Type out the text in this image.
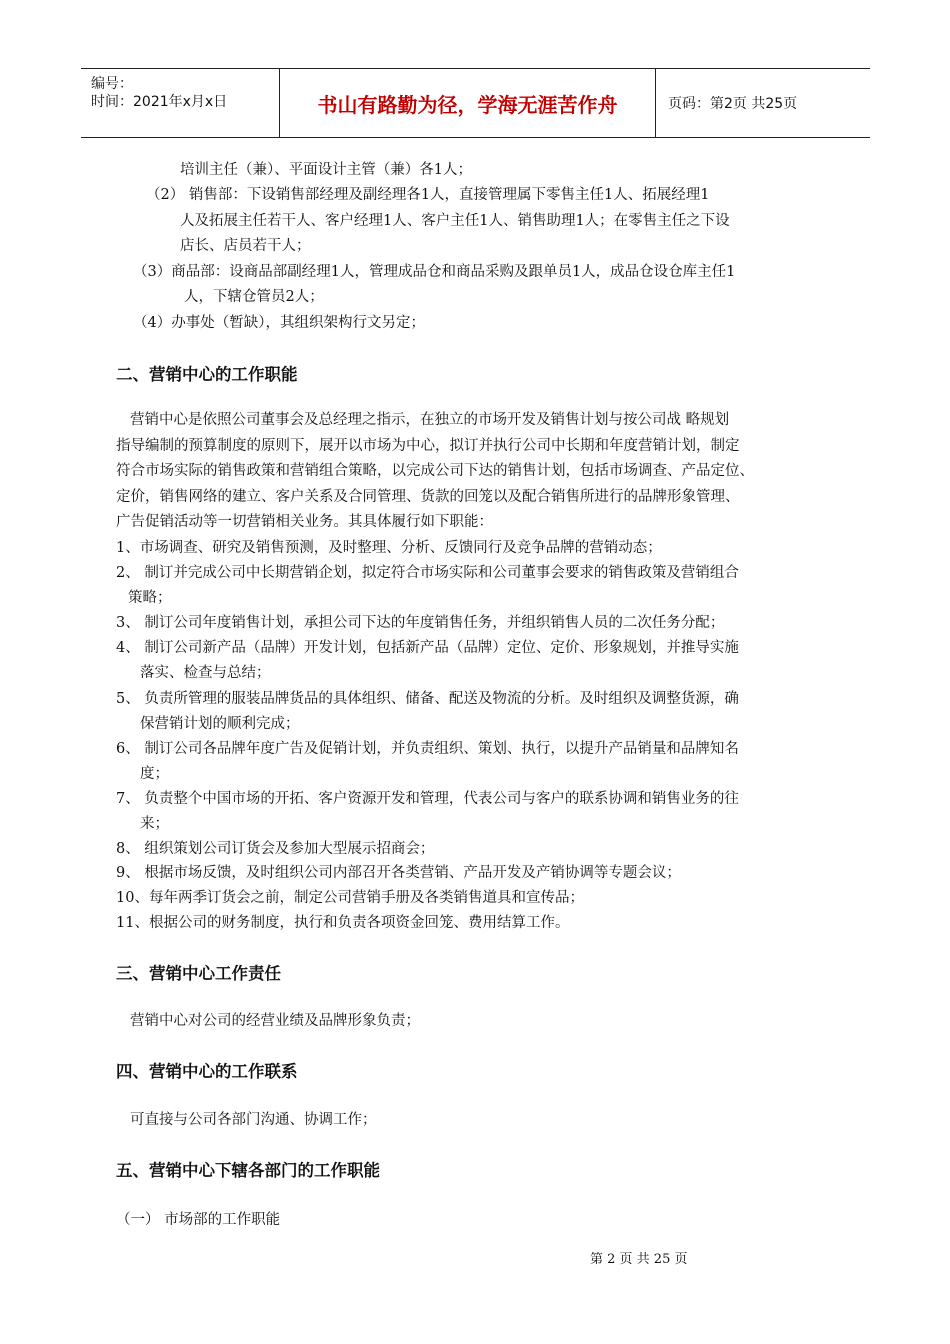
编号：
时间：2021年x月x日	书山有路勤为径，学海无涯苦作舟	页码：第2页 共25页
培训主任（兼）、平面设计主管（兼）各1人；
（2） 销售部：下设销售部经理及副经理各1人，直接管理属下零售主任1人、拓展经理1
人及拓展主任若干人、客户经理1人、客户主任1人、销售助理1人；在零售主任之下设
店长、店员若干人；
（3）商品部：设商品部副经理1人，管理成品仓和商品采购及跟单员1人，成品仓设仓库主任1
人，下辖仓管员2人；
（4）办事处（暂缺），其组织架构行文另定；
二、营销中心的工作职能
营销中心是依照公司董事会及总经理之指示，在独立的市场开发及销售计划与按公司战 略规划
指导编制的预算制度的原则下，展开以市场为中心，拟订并执行公司中长期和年度营销计划，制定
符合市场实际的销售政策和营销组合策略，以完成公司下达的销售计划，包括市场调查、产品定位、
定价，销售网络的建立、客户关系及合同管理、货款的回笼以及配合销售所进行的品牌形象管理、
广告促销活动等一切营销相关业务。其具体履行如下职能：
1、市场调查、研究及销售预测，及时整理、分析、反馈同行及竞争品牌的营销动态；
2、 制订并完成公司中长期营销企划，拟定符合市场实际和公司董事会要求的销售政策及营销组合
策略；
3、 制订公司年度销售计划，承担公司下达的年度销售任务，并组织销售人员的二次任务分配；
4、 制订公司新产品（品牌）开发计划，包括新产品（品牌）定位、定价、形象规划，并推导实施
落实、检查与总结；
5、 负责所管理的服装品牌货品的具体组织、储备、配送及物流的分析。及时组织及调整货源，确
保营销计划的顺利完成；
6、 制订公司各品牌年度广告及促销计划，并负责组织、策划、执行，以提升产品销量和品牌知名
度；
7、 负责整个中国市场的开拓、客户资源开发和管理，代表公司与客户的联系协调和销售业务的往
来；
8、 组织策划公司订货会及参加大型展示招商会；
9、 根据市场反馈，及时组织公司内部召开各类营销、产品开发及产销协调等专题会议；
10、每年两季订货会之前，制定公司营销手册及各类销售道具和宣传品；
11、根据公司的财务制度，执行和负责各项资金回笼、费用结算工作。
三、营销中心工作责任
营销中心对公司的经营业绩及品牌形象负责；
四、营销中心的工作联系
可直接与公司各部门沟通、协调工作；
五、营销中心下辖各部门的工作职能
（一） 市场部的工作职能
第 2 页 共 25 页
